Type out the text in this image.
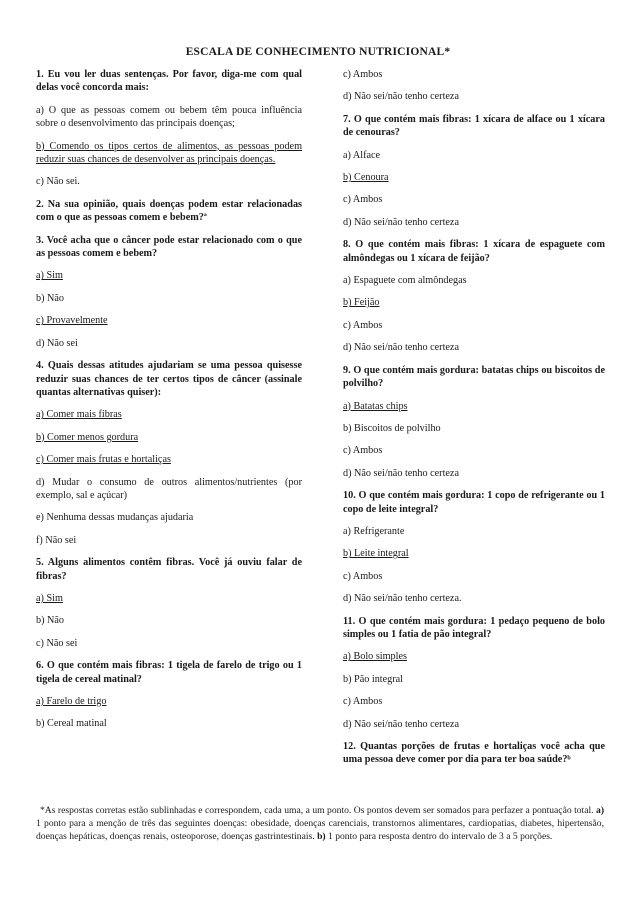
ESCALA DE CONHECIMENTO NUTRICIONAL*
1. Eu vou ler duas sentenças. Por favor, diga-me com qual delas você concorda mais:
a) O que as pessoas comem ou bebem têm pouca influência sobre o desenvolvimento das principais doenças;
b) Comendo os tipos certos de alimentos, as pessoas podem reduzir suas chances de desenvolver as principais doenças.
c) Não sei.
2. Na sua opinião, quais doenças podem estar relacionadas com o que as pessoas comem e bebem?ª
3. Você acha que o câncer pode estar relacionado com o que as pessoas comem e bebem?
a) Sim
b) Não
c) Provavelmente
d) Não sei
4. Quais dessas atitudes ajudariam se uma pessoa quisesse reduzir suas chances de ter certos tipos de câncer (assinale quantas alternativas quiser):
a) Comer mais fibras
b) Comer menos gordura
c) Comer mais frutas e hortaliças
d) Mudar o consumo de outros alimentos/nutrientes (por exemplo, sal e açúcar)
e) Nenhuma dessas mudanças ajudaria
f) Não sei
5. Alguns alimentos contêm fibras. Você já ouviu falar de fibras?
a) Sim
b) Não
c) Não sei
6. O que contém mais fibras: 1 tigela de farelo de trigo ou 1 tigela de cereal matinal?
a) Farelo de trigo
b) Cereal matinal
c) Ambos
d) Não sei/não tenho certeza
7. O que contém mais fibras: 1 xícara de alface ou 1 xícara de cenouras?
a) Alface
b) Cenoura
c) Ambos
d) Não sei/não tenho certeza
8. O que contém mais fibras: 1 xícara de espaguete com almôndegas ou 1 xícara de feijão?
a) Espaguete com almôndegas
b) Feijão
c) Ambos
d) Não sei/não tenho certeza
9. O que contém mais gordura: batatas chips ou biscoitos de polvilho?
a) Batatas chips
b) Biscoitos de polvilho
c) Ambos
d) Não sei/não tenho certeza
10. O que contém mais gordura: 1 copo de refrigerante ou 1 copo de leite integral?
a) Refrigerante
b) Leite integral
c) Ambos
d) Não sei/não tenho certeza.
11. O que contém mais gordura: 1 pedaço pequeno de bolo simples ou 1 fatia de pão integral?
a) Bolo simples
b) Pão integral
c) Ambos
d) Não sei/não tenho certeza
12. Quantas porções de frutas e hortaliças você acha que uma pessoa deve comer por dia para ter boa saúde?ᵇ
*As respostas corretas estão sublinhadas e correspondem, cada uma, a um ponto. Os pontos devem ser somados para perfazer a pontuação total. a) 1 ponto para a menção de três das seguintes doenças: obesidade, doenças carenciais, transtornos alimentares, cardiopatias, diabetes, hipertensão, doenças hepáticas, doenças renais, osteoporose, doenças gastrintestinais. b) 1 ponto para resposta dentro do intervalo de 3 a 5 porções.
